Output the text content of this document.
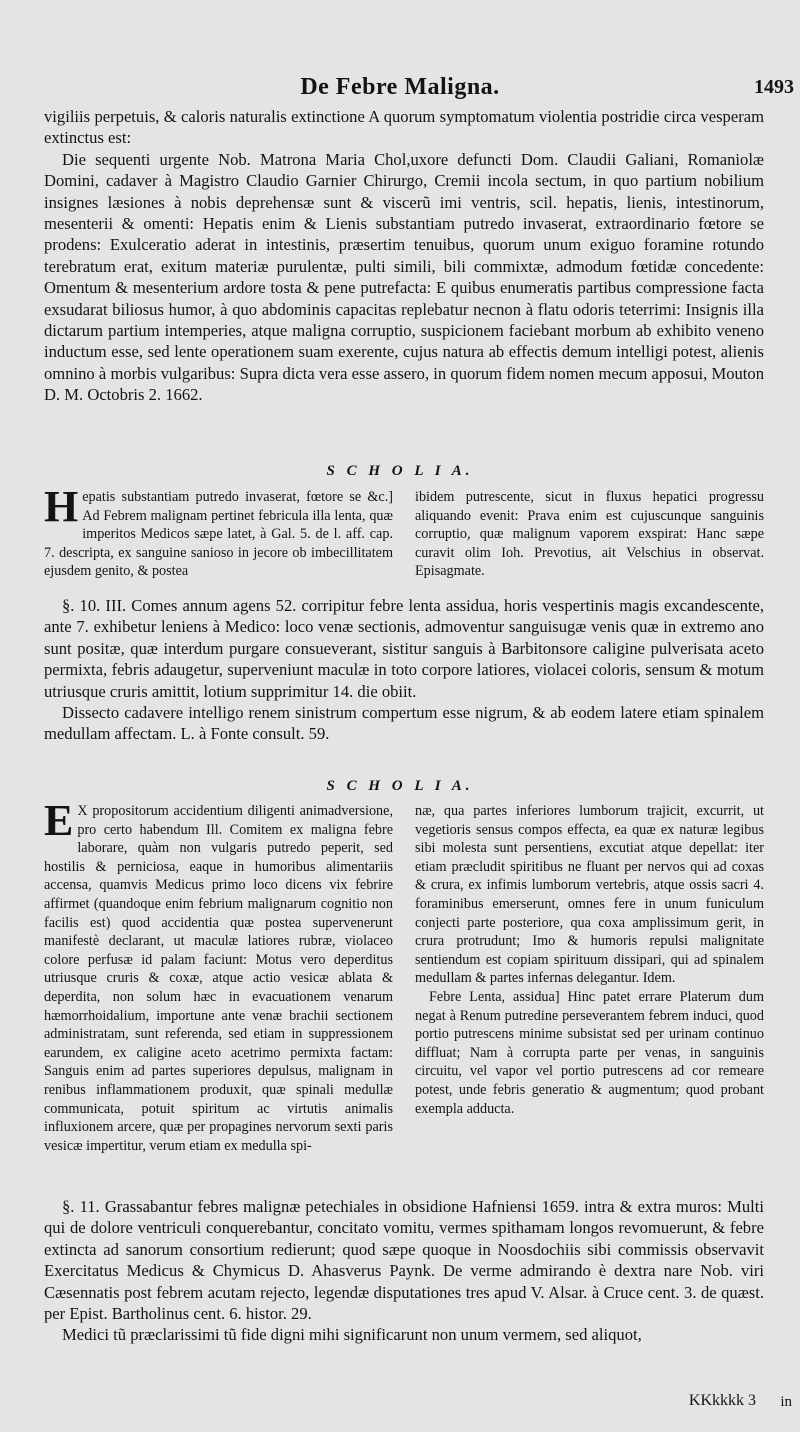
De Febre Maligna.	1493

vigiliis perpetuis, & caloris naturalis extinctione A quorum symptomatum violentia postridie circa vesperam extinctus est:

Die sequenti urgente Nob. Matrona Maria Chol,uxore defuncti Dom. Claudii Galiani, Romaniolæ Domini, cadaver à Magistro Claudio Garnier Chirurgo, Cremii incola sectum, in quo partium nobilium insignes læsiones à nobis deprehensæ sunt & viscerũ imi ventris, scil. hepatis, lienis, intestinorum, mesenterii & omenti: Hepatis enim & Lienis substantiam putredo invaserat, extraordinario fœtore se prodens: Exulceratio aderat in intestinis, præsertim tenuibus, quorum unum exiguo foramine rotundo terebratum erat, exitum materiæ purulentæ, pulti simili, bili commixtæ, admodum fœtidæ concedente: Omentum & mesenterium ardore tosta & pene putrefacta: E quibus enumeratis partibus compressione facta exsudarat biliosus humor, à quo abdominis capacitas replebatur necnon à flatu odoris teterrimi: Insignis illa dictarum partium intemperies, atque maligna corruptio, suspicionem faciebant morbum ab exhibito veneno inductum esse, sed lente operationem suam exerente, cujus natura ab effectis demum intelligi potest, alienis omnino à morbis vulgaribus: Supra dicta vera esse assero, in quorum fidem nomen mecum apposui, Mouton D. M. Octobris 2. 1662.

S C H O L I A.

Hepatis substantiam putredo invaserat, fœtore se &c.] Ad Febrem malignam pertinet febricula illa lenta, quæ imperitos Medicos sæpe latet, à Gal. 5. de l. aff. cap. 7. descripta, ex sanguine sanioso in jecore ob imbecillitatem ejusdem genito, & postea

ibidem putrescente, sicut in fluxus hepatici progressu aliquando evenit: Prava enim est cujuscunque sanguinis corruptio, quæ malignum vaporem exspirat: Hanc sæpe curavit olim Ioh. Prevotius, ait Velschius in observat. Episagmate.

§. 10. III. Comes annum agens 52. corripitur febre lenta assidua, horis vespertinis magis excandescente, ante 7. exhibetur leniens à Medico: loco venæ sectionis, admoventur sanguisugæ venis quæ in extremo ano sunt positæ, quæ interdum purgare consueverant, sistitur sanguis à Barbitonsore caligine pulverisata aceto permixta, febris adaugetur, superveniunt maculæ in toto corpore latiores, violacei coloris, sensum & motum utriusque cruris amittit, lotium supprimitur 14. die obiit.

Dissecto cadavere intelligo renem sinistrum compertum esse nigrum, & ab eodem latere etiam spinalem medullam affectam. L. à Fonte consult. 59.

S C H O L I A.

E X propositorum accidentium diligenti animadversione, pro certo habendum Ill. Comitem ex maligna febre laborare, quàm non vulgaris putredo peperit, sed hostilis & perniciosa, eaque in humoribus alimentariis accensa, quamvis Medicus primo loco dicens vix febrire affirmet (quandoque enim febrium malignarum cognitio non facilis est) quod accidentia quæ postea supervenerunt manifestè declarant, ut maculæ latiores rubræ, violaceo colore perfusæ id palam faciunt: Motus vero deperditus utriusque cruris & coxæ, atque actio vesicæ ablata & deperdita, non solum hæc in evacuationem venarum hæmorrhoidalium, importune ante venæ brachii sectionem administratam, sunt referenda, sed etiam in suppressionem earundem, ex caligine aceto acetrimo permixta factam: Sanguis enim ad partes superiores depulsus, malignam in renibus inflammationem produxit, quæ spinali medullæ communicata, potuit spiritum ac virtutis animalis influxionem arcere, quæ per propagines nervorum sexti paris vesicæ impertitur, verum etiam ex medulla spi-

næ, qua partes inferiores lumborum trajicit, excurrit, ut vegetioris sensus compos effecta, ea quæ ex naturæ legibus sibi molesta sunt persentiens, excutiat atque depellat: iter etiam præcludit spiritibus ne fluant per nervos qui ad coxas & crura, ex infimis lumborum vertebris, atque ossis sacri 4. foraminibus emerserunt, omnes fere in unum funiculum conjecti parte posteriore, qua coxa amplissimum gerit, in crura protrudunt; Imo & humoris repulsi malignitate sentiendum est copiam spirituum dissipari, qui ad spinalem medullam & partes infernas delegantur. Idem.

Febre Lenta, assidua] Hinc patet errare Platerum dum negat à Renum putredine perseverantem febrem induci, quod portio putrescens minime subsistat sed per urinam continuo diffluat; Nam à corrupta parte per venas, in sanguinis circuitu, vel vapor vel portio putrescens ad cor remeare potest, unde febris generatio & augmentum; quod probant exempla adducta.

§. 11. Grassabantur febres malignæ petechiales in obsidione Hafniensi 1659. intra & extra muros: Multi qui de dolore ventriculi conquerebantur, concitato vomitu, vermes spithamam longos revomuerunt, & febre extincta ad sanorum consortium redierunt; quod sæpe quoque in Noosdochiis sibi commissis observavit Exercitatus Medicus & Chymicus D. Ahasverus Paynk. De verme admirando è dextra nare Nob. viri Cæsennatis post febrem acutam rejecto, legendæ disputationes tres apud V. Alsar. à Cruce cent. 3. de quæst. per Epist. Bartholinus cent. 6. histor. 29.

Medici tũ præclarissimi tũ fide digni mihi significarunt non unum vermem, sed aliquot,

KKkkkk 3 in
